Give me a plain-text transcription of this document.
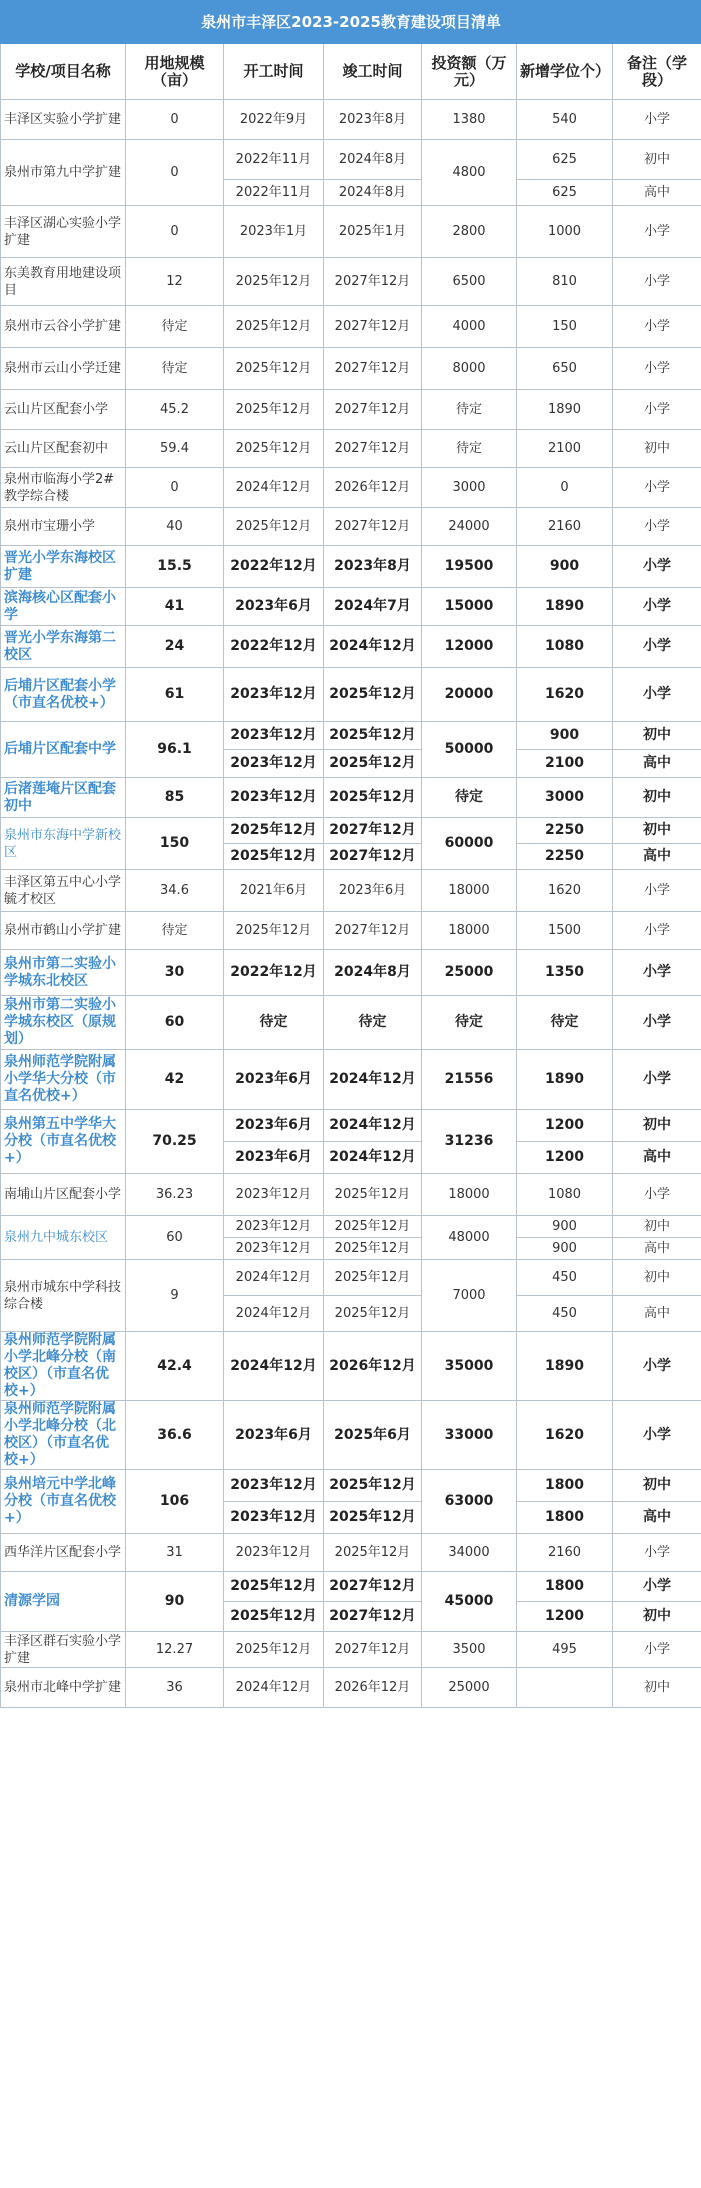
泉州市丰泽区2023-2025教育建设项目清单						
学校/项目名称	用地规模（亩）	开工时间	竣工时间	投资额（万元）	新增学位个）	备注（学段）
丰泽区实验小学扩建	0	2022年9月	2023年8月	1380	540	小学
泉州市第九中学扩建	0	2022年11月	2024年8月	4800	625	初中
		2022年11月	2024年8月		625	高中
丰泽区湖心实验小学扩建	0	2023年1月	2025年1月	2800	1000	小学
东美教育用地建设项目	12	2025年12月	2027年12月	6500	810	小学
泉州市云谷小学扩建	待定	2025年12月	2027年12月	4000	150	小学
泉州市云山小学迁建	待定	2025年12月	2027年12月	8000	650	小学
云山片区配套小学	45.2	2025年12月	2027年12月	待定	1890	小学
云山片区配套初中	59.4	2025年12月	2027年12月	待定	2100	初中
泉州市临海小学2#教学综合楼	0	2024年12月	2026年12月	3000	0	小学
泉州市宝珊小学	40	2025年12月	2027年12月	24000	2160	小学
晋光小学东海校区扩建	15.5	2022年12月	2023年8月	19500	900	小学
滨海核心区配套小学	41	2023年6月	2024年7月	15000	1890	小学
晋光小学东海第二校区	24	2022年12月	2024年12月	12000	1080	小学
后埔片区配套小学（市直名优校+）	61	2023年12月	2025年12月	20000	1620	小学
后埔片区配套中学	96.1	2023年12月	2025年12月	50000	900	初中
		2023年12月	2025年12月		2100	高中
后渚莲埯片区配套初中	85	2023年12月	2025年12月	待定	3000	初中
泉州市东海中学新校区	150	2025年12月	2027年12月	60000	2250	初中
		2025年12月	2027年12月		2250	高中
丰泽区第五中心小学毓才校区	34.6	2021年6月	2023年6月	18000	1620	小学
泉州市鹤山小学扩建	待定	2025年12月	2027年12月	18000	1500	小学
泉州市第二实验小学城东北校区	30	2022年12月	2024年8月	25000	1350	小学
泉州市第二实验小学城东校区（原规划）	60	待定	待定	待定	待定	小学
泉州师范学院附属小学华大分校（市直名优校+）	42	2023年6月	2024年12月	21556	1890	小学
泉州第五中学华大分校（市直名优校+）	70.25	2023年6月	2024年12月	31236	1200	初中
		2023年6月	2024年12月		1200	高中
南埔山片区配套小学	36.23	2023年12月	2025年12月	18000	1080	小学
泉州九中城东校区	60	2023年12月	2025年12月	48000	900	初中
		2023年12月	2025年12月		900	高中
泉州市城东中学科技综合楼	9	2024年12月	2025年12月	7000	450	初中
		2024年12月	2025年12月		450	高中
泉州师范学院附属小学北峰分校（南校区）（市直名优校+）	42.4	2024年12月	2026年12月	35000	1890	小学
泉州师范学院附属小学北峰分校（北校区）（市直名优校+）	36.6	2023年6月	2025年6月	33000	1620	小学
泉州培元中学北峰分校（市直名优校+）	106	2023年12月	2025年12月	63000	1800	初中
		2023年12月	2025年12月		1800	高中
西华洋片区配套小学	31	2023年12月	2025年12月	34000	2160	小学
清源学园	90	2025年12月	2027年12月	45000	1800	小学
		2025年12月	2027年12月		1200	初中
丰泽区群石实验小学扩建	12.27	2025年12月	2027年12月	3500	495	小学
泉州市北峰中学扩建	36	2024年12月	2026年12月	25000		初中
